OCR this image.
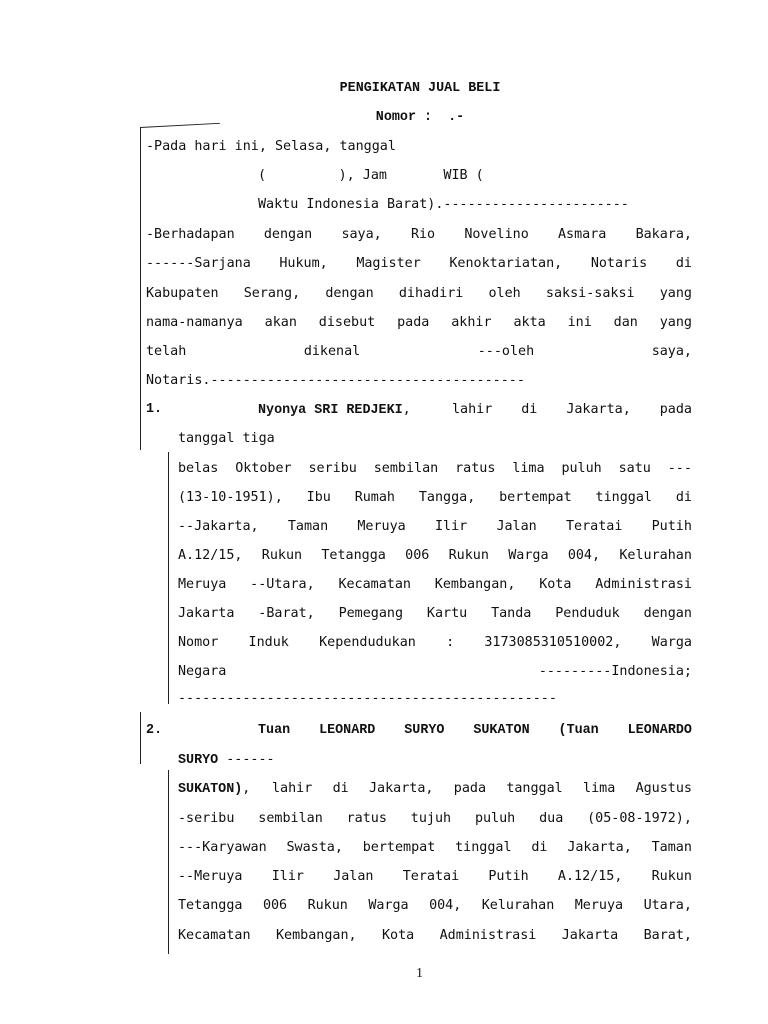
PENGIKATAN JUAL BELI
Nomor :  .-
-Pada hari ini, Selasa, tanggal
(         ), Jam       WIB (
Waktu Indonesia Barat).-----------------------
-Berhadapan dengan saya, Rio Novelino Asmara Bakara,
------Sarjana Hukum, Magister Kenoktariatan, Notaris di
Kabupaten Serang, dengan dihadiri oleh saksi-saksi yang
nama-namanya akan disebut pada akhir akta ini dan yang
telah	dikenal	---oleh	saya,
Notaris.---------------------------------------
1.	Nyonya SRI REDJEKI,	lahir di Jakarta, pada
tanggal tiga
belas Oktober seribu sembilan ratus lima puluh satu ---
(13-10-1951), Ibu Rumah Tangga, bertempat tinggal di
--Jakarta, Taman Meruya Ilir Jalan Teratai Putih
A.12/15, Rukun Tetangga 006 Rukun Warga 004, Kelurahan
Meruya --Utara, Kecamatan Kembangan, Kota Administrasi
Jakarta -Barat, Pemegang Kartu Tanda Penduduk dengan
Nomor Induk Kependudukan : 3173085310510002, Warga
Negara	---------Indonesia;
-----------------------------------------------
2.	Tuan LEONARD SURYO SUKATON (Tuan LEONARDO
SURYO ------
SUKATON), lahir di Jakarta, pada tanggal lima Agustus
-seribu sembilan ratus tujuh puluh dua (05-08-1972),
---Karyawan Swasta, bertempat tinggal di Jakarta, Taman
--Meruya Ilir Jalan Teratai Putih A.12/15, Rukun
Tetangga 006 Rukun Warga 004, Kelurahan Meruya Utara,
Kecamatan Kembangan, Kota Administrasi Jakarta Barat,
1
